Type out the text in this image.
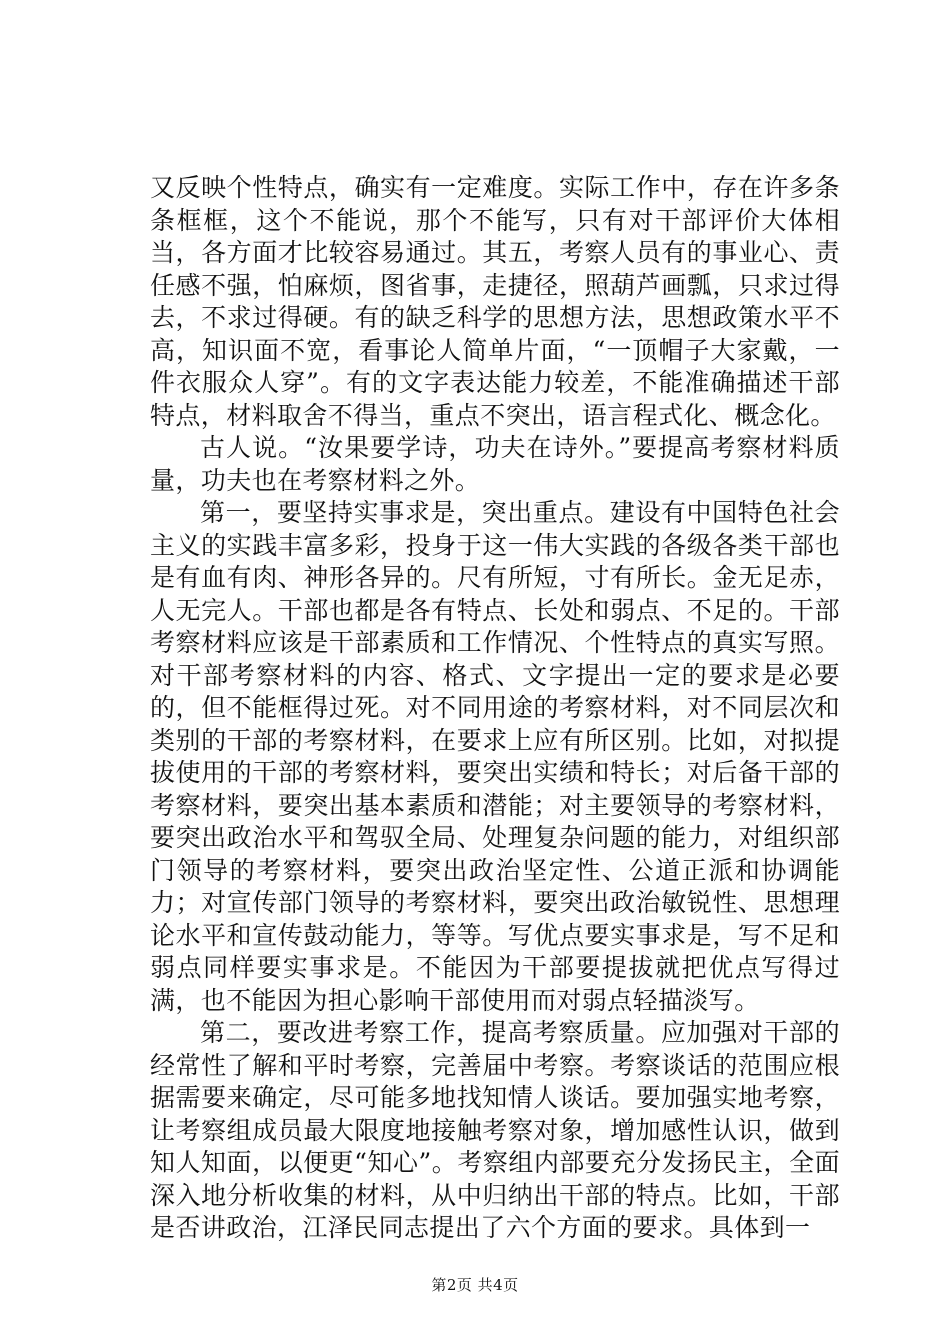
又反映个性特点，确实有一定难度。实际工作中，存在许多条条框框，这个不能说，那个不能写，只有对干部评价大体相当，各方面才比较容易通过。其五，考察人员有的事业心、责任感不强，怕麻烦，图省事，走捷径，照葫芦画瓢，只求过得去，不求过得硬。有的缺乏科学的思想方法，思想政策水平不高，知识面不宽，看事论人简单片面，“一顶帽子大家戴，一件衣服众人穿”。有的文字表达能力较差，不能准确描述干部特点，材料取舍不得当，重点不突出，语言程式化、概念化。

古人说。“汝果要学诗，功夫在诗外。”要提高考察材料质量，功夫也在考察材料之外。

第一，要坚持实事求是，突出重点。建设有中国特色社会主义的实践丰富多彩，投身于这一伟大实践的各级各类干部也是有血有肉、神形各异的。尺有所短，寸有所长。金无足赤，人无完人。干部也都是各有特点、长处和弱点、不足的。干部考察材料应该是干部素质和工作情况、个性特点的真实写照。对干部考察材料的内容、格式、文字提出一定的要求是必要的，但不能框得过死。对不同用途的考察材料，对不同层次和类别的干部的考察材料，在要求上应有所区别。比如，对拟提拔使用的干部的考察材料，要突出实绩和特长；对后备干部的考察材料，要突出基本素质和潜能；对主要领导的考察材料，要突出政治水平和驾驭全局、处理复杂问题的能力，对组织部门领导的考察材料，要突出政治坚定性、公道正派和协调能力；对宣传部门领导的考察材料，要突出政治敏锐性、思想理论水平和宣传鼓动能力，等等。写优点要实事求是，写不足和弱点同样要实事求是。不能因为干部要提拔就把优点写得过满，也不能因为担心影响干部使用而对弱点轻描淡写。

第二，要改进考察工作，提高考察质量。应加强对干部的经常性了解和平时考察，完善届中考察。考察谈话的范围应根据需要来确定，尽可能多地找知情人谈话。要加强实地考察，让考察组成员最大限度地接触考察对象，增加感性认识，做到知人知面，以便更“知心”。考察组内部要充分发扬民主，全面深入地分析收集的材料，从中归纳出干部的特点。比如，干部是否讲政治，江泽民同志提出了六个方面的要求。具体到一

第2页 共4页
